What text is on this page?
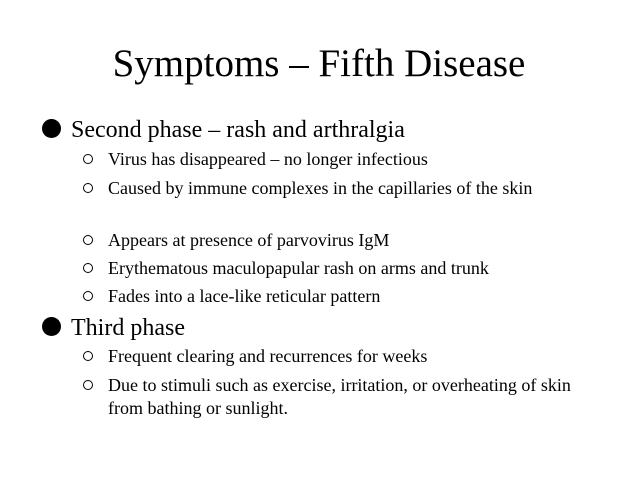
Symptoms – Fifth Disease
Second phase – rash and arthralgia
Virus has disappeared – no longer infectious
Caused by immune complexes in the capillaries of the skin
Appears at presence of parvovirus IgM
Erythematous maculopapular rash on arms and trunk
Fades into a lace-like reticular pattern
Third phase
Frequent clearing and recurrences for weeks
Due to stimuli such as exercise, irritation, or overheating of skin from bathing or sunlight.
